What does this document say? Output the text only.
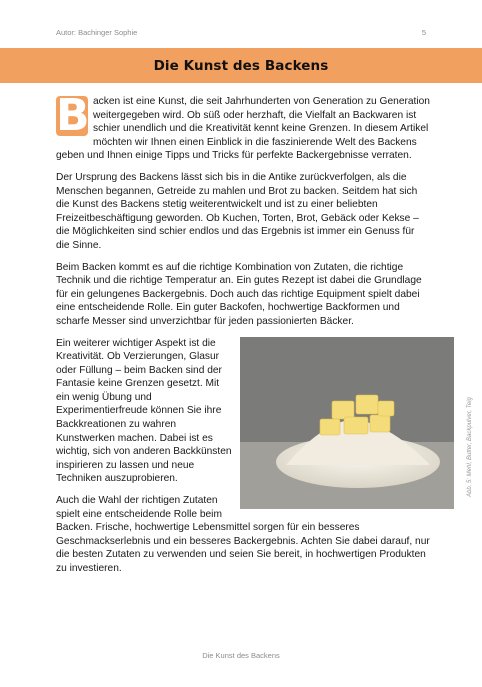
Autor: Bachinger Sophie	5
Die Kunst des Backens

B acken ist eine Kunst, die seit Jahrhunderten von Generation zu Generation weitergegeben wird. Ob süß oder herzhaft, die Vielfalt an Backwaren ist schier unendlich und die Kreativität kennt keine Grenzen. In diesem Artikel möchten wir Ihnen einen Einblick in die faszinierende Welt des Backens geben und Ihnen einige Tipps und Tricks für perfekte Backergebnisse verraten.

Der Ursprung des Backens lässt sich bis in die Antike zurückverfolgen, als die Menschen begannen, Getreide zu mahlen und Brot zu backen. Seitdem hat sich die Kunst des Backens stetig weiterentwickelt und ist zu einer beliebten Freizeitbeschäftigung geworden. Ob Kuchen, Torten, Brot, Gebäck oder Kekse – die Möglichkeiten sind schier endlos und das Ergebnis ist immer ein Genuss für die Sinne.

Beim Backen kommt es auf die richtige Kombination von Zutaten, die richtige Technik und die richtige Temperatur an. Ein gutes Rezept ist dabei die Grundlage für ein gelungenes Backergebnis. Doch auch das richtige Equipment spielt dabei eine entscheidende Rolle. Ein guter Backofen, hochwertige Backformen und scharfe Messer sind unverzichtbar für jeden passionierten Bäcker.

Abb. 5: Mehl, Butter, Backpulver, Teig

Ein weiterer wichtiger Aspekt ist die Kreativität. Ob Verzierungen, Glasur oder Füllung – beim Backen sind der Fantasie keine Grenzen gesetzt. Mit ein wenig Übung und Experimentierfreude können Sie ihre Backkreationen zu wahren Kunstwerken machen. Dabei ist es wichtig, sich von anderen Backkünsten inspirieren zu lassen und neue Techniken auszuprobieren.

Auch die Wahl der richtigen Zutaten spielt eine entscheidende Rolle beim Backen. Frische, hochwertige Lebensmittel sorgen für ein besseres Geschmackserlebnis und ein besseres Backergebnis. Achten Sie dabei darauf, nur die besten Zutaten zu verwenden und seien Sie bereit, in hochwertigen Produkten zu investieren.

Die Kunst des Backens
